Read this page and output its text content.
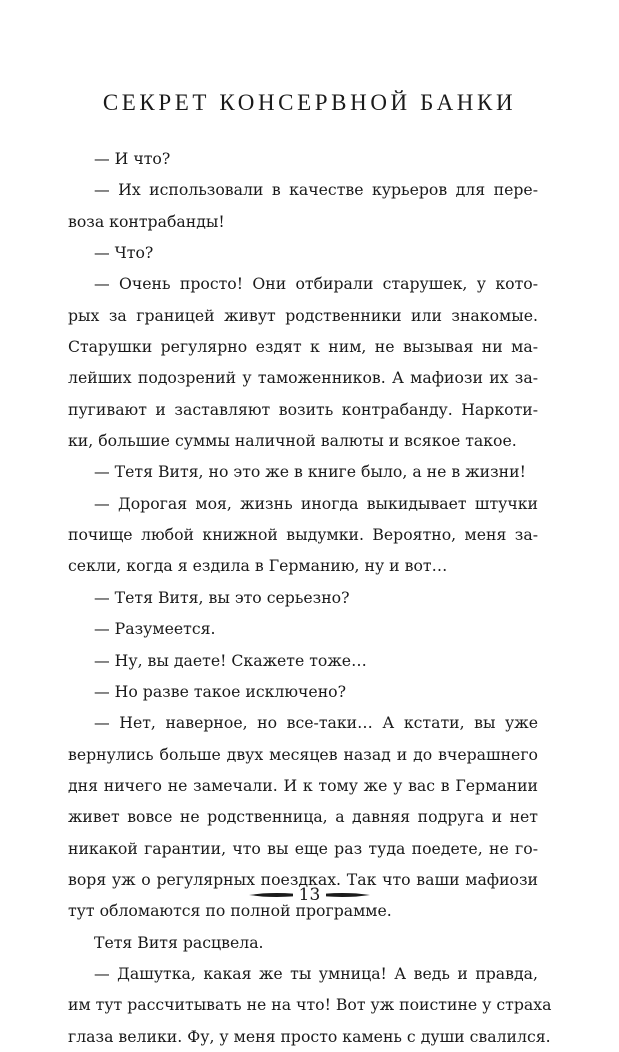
СЕКРЕТ КОНСЕРВНОЙ БАНКИ
— И что?
— Их использовали в качестве курьеров для пере-
воза контрабанды!
— Что?
— Очень просто! Они отбирали старушек, у кото-
рых за границей живут родственники или знакомые.
Старушки регулярно ездят к ним, не вызывая ни ма-
лейших подозрений у таможенников. А мафиози их за-
пугивают и заставляют возить контрабанду. Наркоти-
ки, большие суммы наличной валюты и всякое такое.
— Тетя Витя, но это же в книге было, а не в жизни!
— Дорогая моя, жизнь иногда выкидывает штучки
почище любой книжной выдумки. Вероятно, меня за-
секли, когда я ездила в Германию, ну и вот…
— Тетя Витя, вы это серьезно?
— Разумеется.
— Ну, вы даете! Скажете тоже…
— Но разве такое исключено?
— Нет, наверное, но все-таки… А кстати, вы уже
вернулись больше двух месяцев назад и до вчерашнего
дня ничего не замечали. И к тому же у вас в Германии
живет вовсе не родственница, а давняя подруга и нет
никакой гарантии, что вы еще раз туда поедете, не го-
воря уж о регулярных поездках. Так что ваши мафиози
тут обломаются по полной программе.
Тетя Витя расцвела.
— Дашутка, какая же ты умница! А ведь и правда,
им тут рассчитывать не на что! Вот уж поистине у страха
глаза велики. Фу, у меня просто камень с души свалился.
13
